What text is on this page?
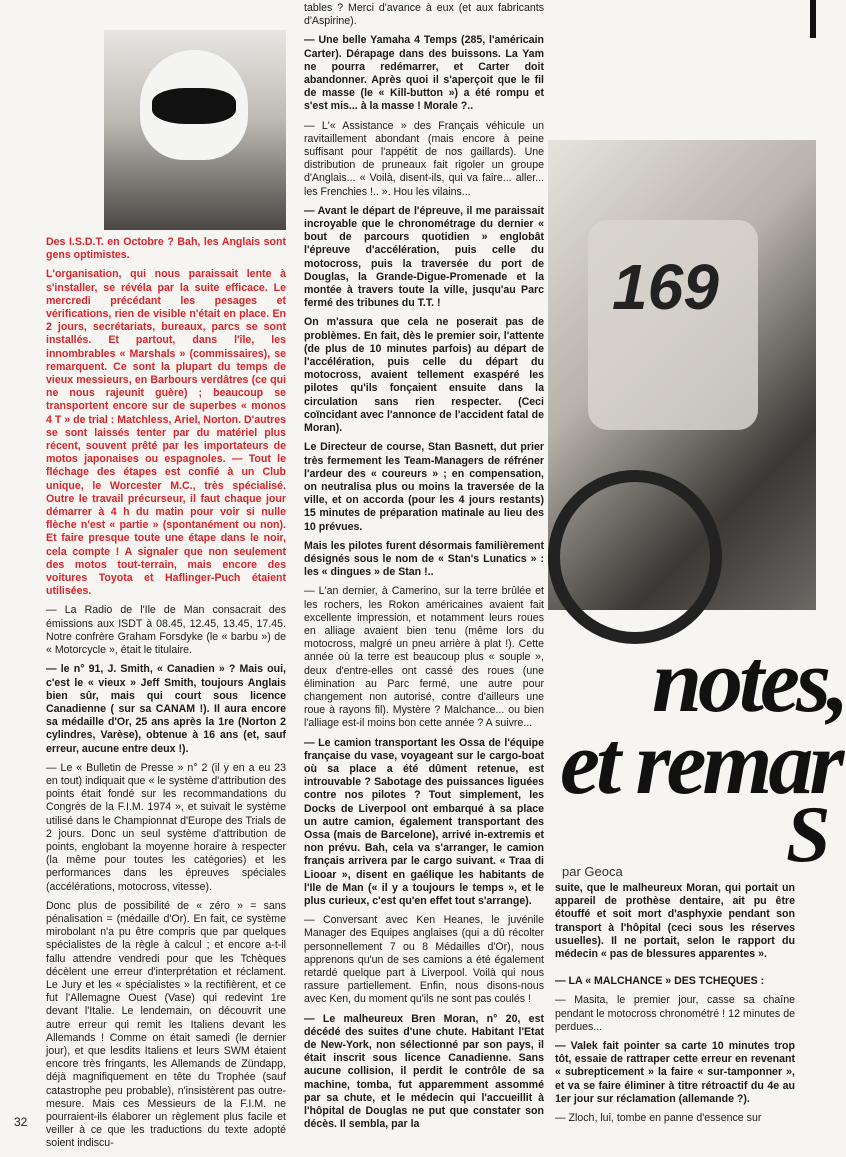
169

Des I.S.D.T. en Octobre ? Bah, les Anglais sont gens optimistes.

L'organisation, qui nous paraissait lente à s'installer, se révéla par la suite efficace. Le mercredi précédant les pesages et vérifications, rien de visible n'était en place. En 2 jours, secrétariats, bureaux, parcs se sont installés. Et partout, dans l'île, les innombrables « Marshals » (commissaires), se remarquent. Ce sont la plupart du temps de vieux messieurs, en Barbours verdâtres (ce qui ne nous rajeunit guère) ; beaucoup se transportent encore sur de superbes « monos 4 T » de trial : Matchless, Ariel, Norton. D'autres se sont laissés tenter par du matériel plus récent, souvent prêté par les importateurs de motos japonaises ou espagnoles. — Tout le fléchage des étapes est confié à un Club unique, le Worcester M.C., très spécialisé. Outre le travail précurseur, il faut chaque jour démarrer à 4 h du matin pour voir si nulle flèche n'est « partie » (spontanément ou non). Et faire presque toute une étape dans le noir, cela compte ! A signaler que non seulement des motos tout-terrain, mais encore des voitures Toyota et Haflinger-Puch étaient utilisées.

— La Radio de l'Ile de Man consacrait des émissions aux ISDT à 08.45, 12.45, 13.45, 17.45. Notre confrère Graham Forsdyke (le « barbu ») de « Motorcycle », était le titulaire.

— le n° 91, J. Smith, « Canadien » ? Mais oui, c'est le « vieux » Jeff Smith, toujours Anglais bien sûr, mais qui court sous licence Canadienne ( sur sa CANAM !). Il aura encore sa médaille d'Or, 25 ans après la 1re (Norton 2 cylindres, Varèse), obtenue à 16 ans (et, sauf erreur, aucune entre deux !).

— Le « Bulletin de Presse » n° 2 (il y en a eu 23 en tout) indiquait que « le système d'attribution des points était fondé sur les recommandations du Congrès de la F.I.M. 1974 », et suivait le système utilisé dans le Championnat d'Europe des Trials de 2 jours. Donc un seul système d'attribution de points, englobant la moyenne horaire à respecter (la même pour toutes les catégories) et les performances dans les épreuves spéciales (accélérations, motocross, vitesse).

Donc plus de possibilité de « zéro » = sans pénalisation = (médaille d'Or). En fait, ce système mirobolant n'a pu être compris que par quelques spécialistes de la règle à calcul ; et encore a-t-il fallu attendre vendredi pour que les Tchèques décèlent une erreur d'interprétation et réclament. Le Jury et les « spécialistes » la rectifièrent, et ce fut l'Allemagne Ouest (Vase) qui redevint 1re devant l'Italie. Le lendemain, on découvrit une autre erreur qui remit les Italiens devant les Allemands ! Comme on était samedi (le dernier jour), et que lesdits Italiens et leurs SWM étaient encore très fringants, les Allemands de Zündapp, déjà magnifiquement en tête du Trophée (sauf catastrophe peu probable), n'insistèrent pas outre-mesure. Mais ces Messieurs de la F.I.M. ne pourraient-ils élaborer un règlement plus facile et veiller à ce que les traductions du texte adopté soient indiscu-

tables ? Merci d'avance à eux (et aux fabricants d'Aspirine).

— Une belle Yamaha 4 Temps (285, l'américain Carter). Dérapage dans des buissons. La Yam ne pourra redémarrer, et Carter doit abandonner. Après quoi il s'aperçoit que le fil de masse (le « Kill-button ») a été rompu et s'est mis... à la masse ! Morale ?..

— L'« Assistance » des Français véhicule un ravitaillement abondant (mais encore à peine suffisant pour l'appétit de nos gaillards). Une distribution de pruneaux fait rigoler un groupe d'Anglais... « Voilà, disent-ils, qui va faire... aller... les Frenchies !.. ». Hou les vilains...

— Avant le départ de l'épreuve, il me paraissait incroyable que le chronométrage du dernier « bout de parcours quotidien » englobât l'épreuve d'accélération, puis celle du motocross, puis la traversée du port de Douglas, la Grande-Digue-Promenade et la montée à travers toute la ville, jusqu'au Parc fermé des tribunes du T.T. !

On m'assura que cela ne poserait pas de problèmes. En fait, dès le premier soir, l'attente (de plus de 10 minutes parfois) au départ de l'accélération, puis celle du départ du motocross, avaient tellement exaspéré les pilotes qu'ils fonçaient ensuite dans la circulation sans rien respecter. (Ceci coïncidant avec l'annonce de l'accident fatal de Moran).

Le Directeur de course, Stan Basnett, dut prier très fermement les Team-Managers de réfréner l'ardeur des « coureurs » ; en compensation, on neutralisa plus ou moins la traversée de la ville, et on accorda (pour les 4 jours restants) 15 minutes de préparation matinale au lieu des 10 prévues.

Mais les pilotes furent désormais familièrement désignés sous le nom de « Stan's Lunatics » : les « dingues » de Stan !..

— L'an dernier, à Camerino, sur la terre brûlée et les rochers, les Rokon américaines avaient fait excellente impression, et notamment leurs roues en alliage avaient bien tenu (même lors du motocross, malgré un pneu arrière à plat !). Cette année où la terre est beaucoup plus « souple », deux d'entre-elles ont cassé des roues (une élimination au Parc fermé, une autre pour changement non autorisé, contre d'ailleurs une roue à rayons fil). Mystère ? Malchance... ou bien l'alliage est-il moins bon cette année ? A suivre...

— Le camion transportant les Ossa de l'équipe française du vase, voyageant sur le cargo-boat où sa place a été dûment retenue, est introuvable ? Sabotage des puissances liguées contre nos pilotes ? Tout simplement, les Docks de Liverpool ont embarqué à sa place un autre camion, également transportant des Ossa (mais de Barcelone), arrivé in-extremis et non prévu. Bah, cela va s'arranger, le camion français arrivera par le cargo suivant. « Traa di Liooar », disent en gaélique les habitants de l'Ile de Man (« il y a toujours le temps », et le plus curieux, c'est qu'en effet tout s'arrange).

— Conversant avec Ken Heanes, le juvénile Manager des Equipes anglaises (qui a dû récolter personnellement 7 ou 8 Médailles d'Or), nous apprenons qu'un de ses camions a été également retardé quelque part à Liverpool. Voilà qui nous rassure partiellement. Enfin, nous disons-nous avec Ken, du moment qu'ils ne sont pas coulés !

— Le malheureux Bren Moran, n° 20, est décédé des suites d'une chute. Habitant l'Etat de New-York, non sélectionné par son pays, il était inscrit sous licence Canadienne. Sans aucune collision, il perdit le contrôle de sa machine, tomba, fut apparemment assommé par sa chute, et le médecin qui l'accueillit à l'hôpital de Douglas ne put que constater son décès. Il sembla, par la

notes,
et remar
S
par Geoca

suite, que le malheureux Moran, qui portait un appareil de prothèse dentaire, ait pu être étouffé et soit mort d'asphyxie pendant son transport à l'hôpital (ceci sous les réserves usuelles). Il ne portait, selon le rapport du médecin « pas de blessures apparentes ».

— LA « MALCHANCE » DES TCHEQUES :

— Masita, le premier jour, casse sa chaîne pendant le motocross chronométré ! 12 minutes de perdues...

— Valek fait pointer sa carte 10 minutes trop tôt, essaie de rattraper cette erreur en revenant « subrepticement » la faire « sur-tamponner », et va se faire éliminer à titre rétroactif du 4e au 1er jour sur réclamation (allemande ?).

— Zloch, lui, tombe en panne d'essence sur

32
